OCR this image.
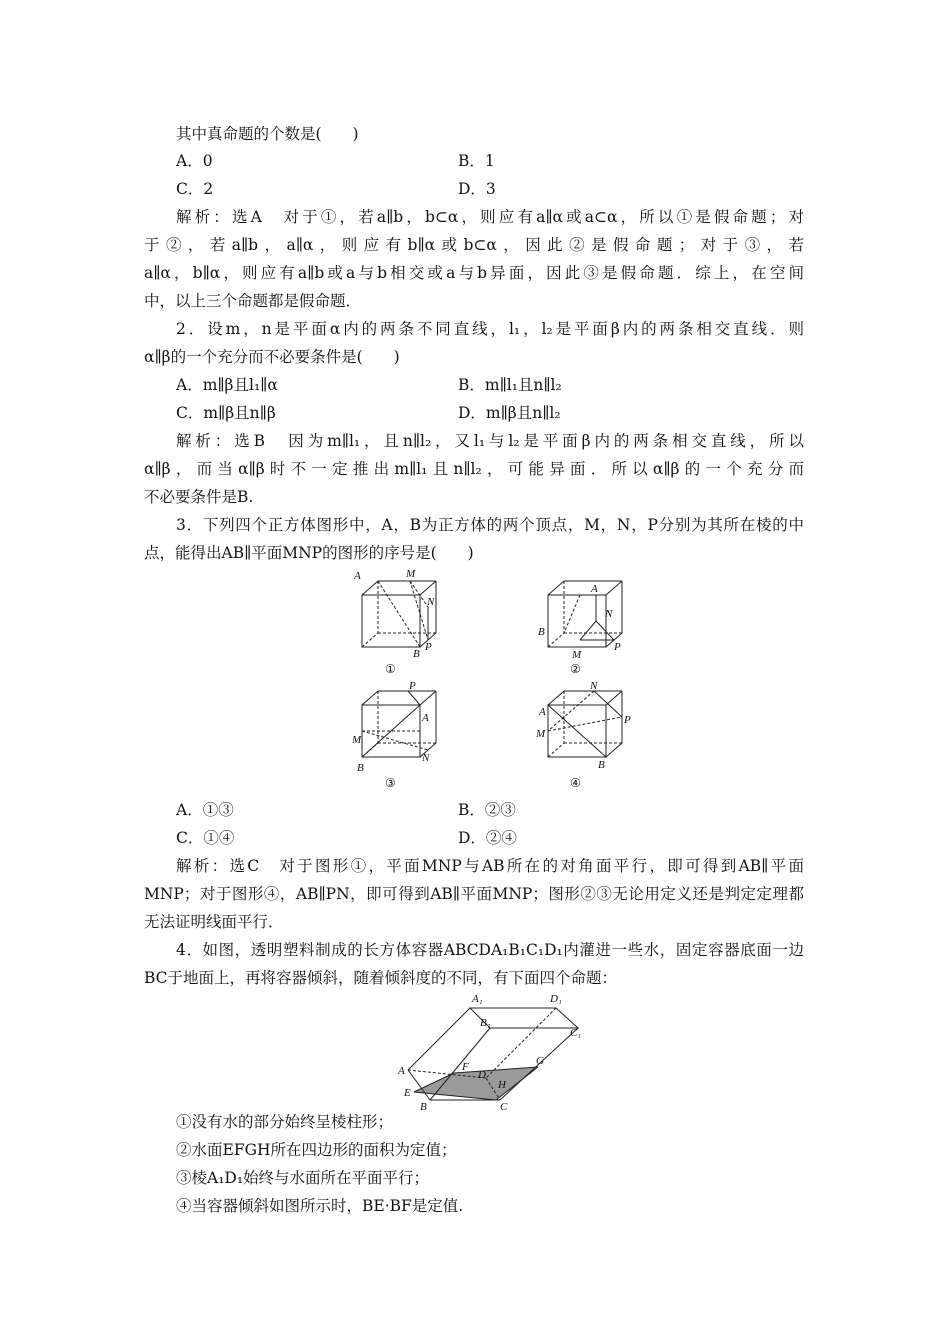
其中真命题的个数是(　　)
A．0	B．1
C．2	D．3
解析：选A　对于①，若a∥b，b⊂α，则应有a∥α或a⊂α，所以①是假命题；对
于②，若a∥b，a∥α，则应有b∥α或b⊂α，因此②是假命题；对于③，若
a∥α，b∥α，则应有a∥b或a与b相交或a与b异面，因此③是假命题．综上，在空间
中，以上三个命题都是假命题．
2．设m，n是平面α内的两条不同直线，l₁，l₂是平面β内的两条相交直线．则
α∥β的一个充分而不必要条件是(　　)
A．m∥β且l₁∥α	B．m∥l₁且n∥l₂
C．m∥β且n∥β	D．m∥β且n∥l₂
解析：选B　因为m∥l₁，且n∥l₂，又l₁与l₂是平面β内的两条相交直线，所以
α∥β，而当α∥β时不一定推出m∥l₁且n∥l₂，可能异面．所以α∥β的一个充分而
不必要条件是B.
3．下列四个正方体图形中，A，B为正方体的两个顶点，M，N，P分别为其所在棱的中
点，能得出AB∥平面MNP的图形的序号是(　　)
A	M
N
B
P
A
N
B
P
M
P
A
M
N
B
N
A
P
M
B
①	②
③	④
A．①③	B．②③
C．①④	D．②④
解析：选C　对于图形①，平面MNP与AB所在的对角面平行，即可得到AB∥平面
MNP；对于图形④，AB∥PN，即可得到AB∥平面MNP；图形②③无论用定义还是判定定理都
无法证明线面平行．
4．如图，透明塑料制成的长方体容器ABCDA₁B₁C₁D₁内灌进一些水，固定容器底面一边
BC于地面上，再将容器倾斜，随着倾斜度的不同，有下面四个命题：
A₁	D₁
B₁
C₁
F	G
A	D
E
H
B	C
①没有水的部分始终呈棱柱形；
②水面EFGH所在四边形的面积为定值；
③棱A₁D₁始终与水面所在平面平行；
④当容器倾斜如图所示时，BE·BF是定值.
